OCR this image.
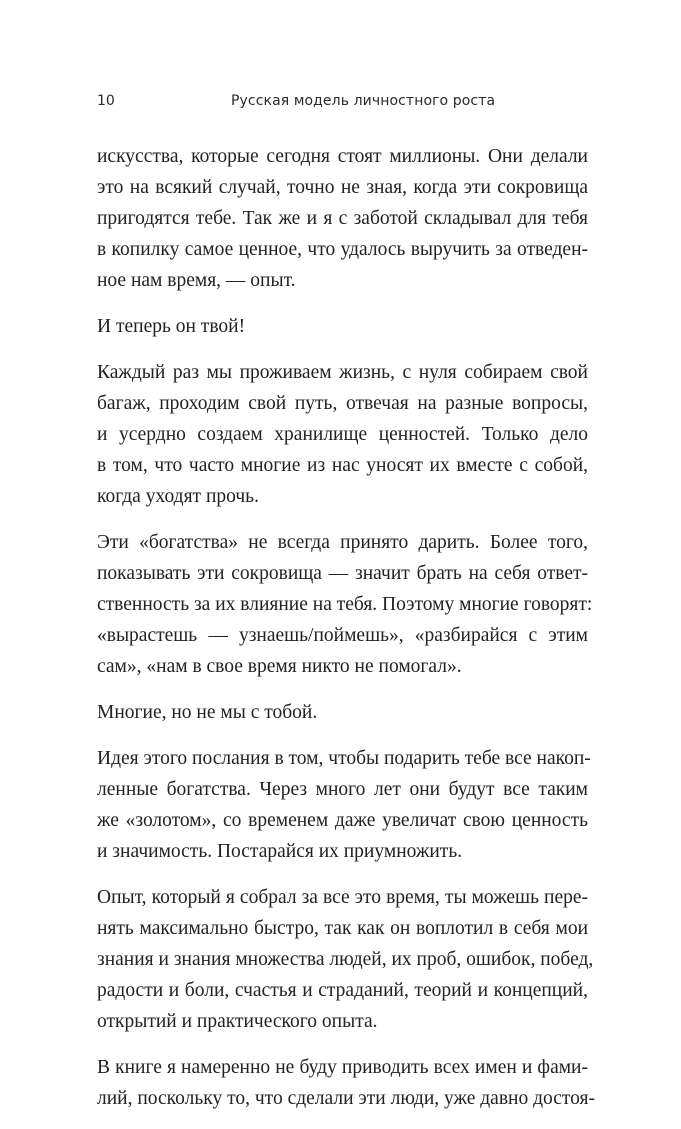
10	Русская модель личностного роста
искусства, которые сегодня стоят миллионы. Они делали
это на всякий случай, точно не зная, когда эти сокровища
пригодятся тебе. Так же и я с заботой складывал для тебя
в копилку самое ценное, что удалось выручить за отведен-
ное нам время, — опыт.
И теперь он твой!
Каждый раз мы проживаем жизнь, с нуля собираем свой
багаж, проходим свой путь, отвечая на разные вопросы,
и усердно создаем хранилище ценностей. Только дело
в том, что часто многие из нас уносят их вместе с собой,
когда уходят прочь.
Эти «богатства» не всегда принято дарить. Более того,
показывать эти сокровища — значит брать на себя ответ-
ственность за их влияние на тебя. Поэтому многие говорят:
«вырастешь — узнаешь/поймешь», «разбирайся с этим
сам», «нам в свое время никто не помогал».
Многие, но не мы с тобой.
Идея этого послания в том, чтобы подарить тебе все накоп-
ленные богатства. Через много лет они будут все таким
же «золотом», со временем даже увеличат свою ценность
и значимость. Постарайся их приумножить.
Опыт, который я собрал за все это время, ты можешь пере-
нять максимально быстро, так как он воплотил в себя мои
знания и знания множества людей, их проб, ошибок, побед,
радости и боли, счастья и страданий, теорий и концепций,
открытий и практического опыта.
В книге я намеренно не буду приводить всех имен и фами-
лий, поскольку то, что сделали эти люди, уже давно достоя-
